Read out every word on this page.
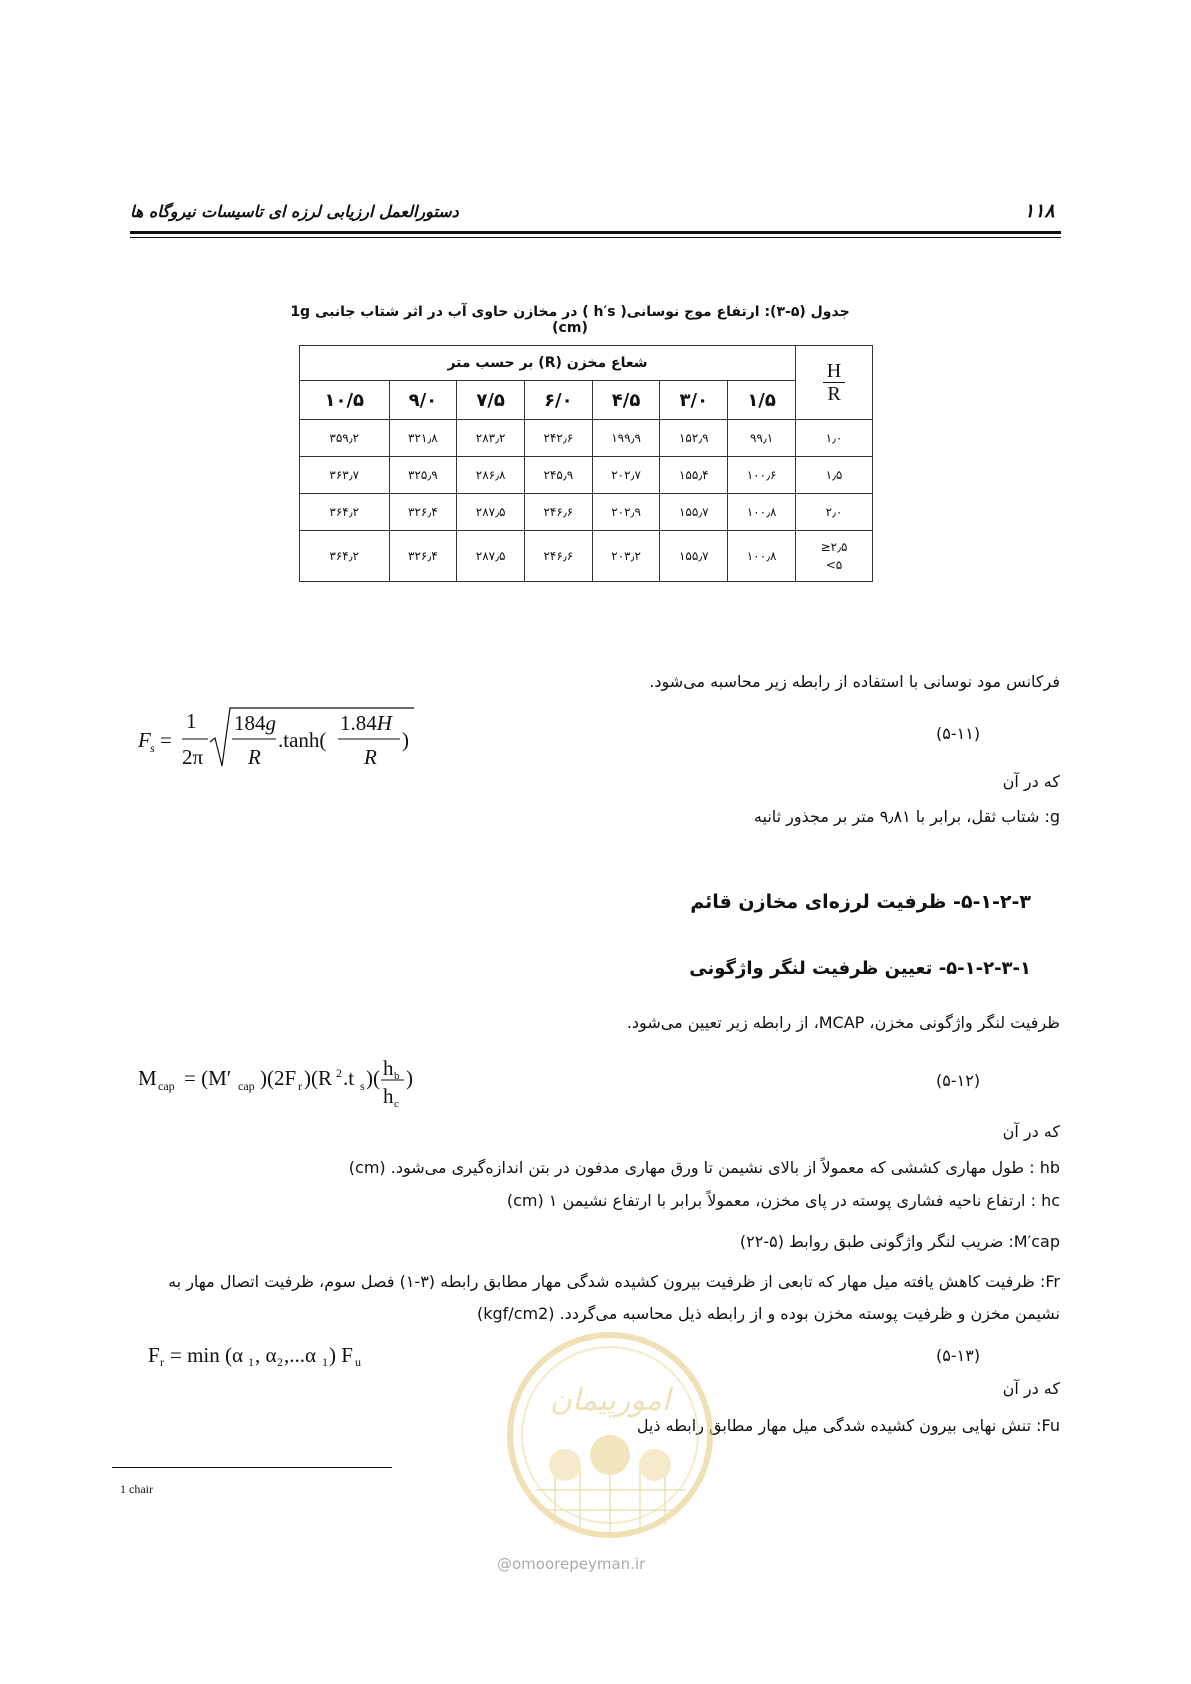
۱۱۸
دستورالعمل ارزیابی لرزه ای تاسیسات نیروگاه ها
جدول (۵-۳): ارتفاع موج نوسانی( h′s ) در مخازن حاوی آب در اثر شتاب جانبی 1g (cm)
شعاع مخزن (R) بر حسب متر							$\frac{H}{R}$

۱۰/۵	۹/۰	۷/۵	۶/۰	۴/۵	۳/۰	۱/۵	
۳۵۹٫۲	۳۲۱٫۸	۲۸۳٫۲	۲۴۲٫۶	۱۹۹٫۹	۱۵۲٫۹	۹۹٫۱	۱٫۰

۳۶۳٫۷	۳۲۵٫۹	۲۸۶٫۸	۲۴۵٫۹	۲۰۲٫۷	۱۵۵٫۴	۱۰۰٫۶	۱٫۵

۳۶۴٫۲	۳۲۶٫۴	۲۸۷٫۵	۲۴۶٫۶	۲۰۲٫۹	۱۵۵٫۷	۱۰۰٫۸	۲٫۰

۳۶۴٫۲	۳۲۶٫۴	۲۸۷٫۵	۲۴۶٫۶	۲۰۳٫۲	۱۵۵٫۷	۱۰۰٫۸	≥۲٫۵
<۵
فرکانس مود نوسانی با استفاده از رابطه زیر محاسبه می‌شود.
F s =
1
2π
184g
R
.tanh(
1.84H
R
)	(۵-۱۱)
که در آن
g: شتاب ثقل، برابر با ۹٫۸۱ متر بر مجذور ثانیه
۵-۱-۲-۳- ظرفیت لرزه‌ای مخازن قائم
۵-۱-۲-۳-۱- تعیین ظرفیت لنگر واژگونی
ظرفیت لنگر واژگونی مخزن، MCAP، از رابطه زیر تعیین می‌شود.
M cap = (M′ cap )(2F r )(R 2 .t s )( h b
h c
)	(۵-۱۲)
که در آن
hb : طول مهاری کششی که معمولاً از بالای نشیمن تا ورق مهاری مدفون در بتن اندازه‌گیری می‌شود. (cm)
hc : ارتفاع ناحیه فشاری پوسته در پای مخزن، معمولاً برابر با ارتفاع نشیمن ۱ (cm)
M′cap: ضریب لنگر واژگونی طبق روابط (۵-۲۲)
Fr: ظرفیت کاهش یافته میل مهار که تابعی از ظرفیت بیرون کشیده شدگی مهار مطابق رابطه (۳-۱) فصل سوم، ظرفیت اتصال مهار به
نشیمن مخزن و ظرفیت پوسته مخزن بوده و از رابطه ذیل محاسبه می‌گردد. (kgf/cm2)
F r = min (α 1 , α 2 ,...α 1 ) F u	(۵-۱۳)
که در آن
Fu: تنش نهایی بیرون کشیده شدگی میل مهار مطابق رابطه ذیل
امورپیمان
@omoorepeyman.ir
1 chair
